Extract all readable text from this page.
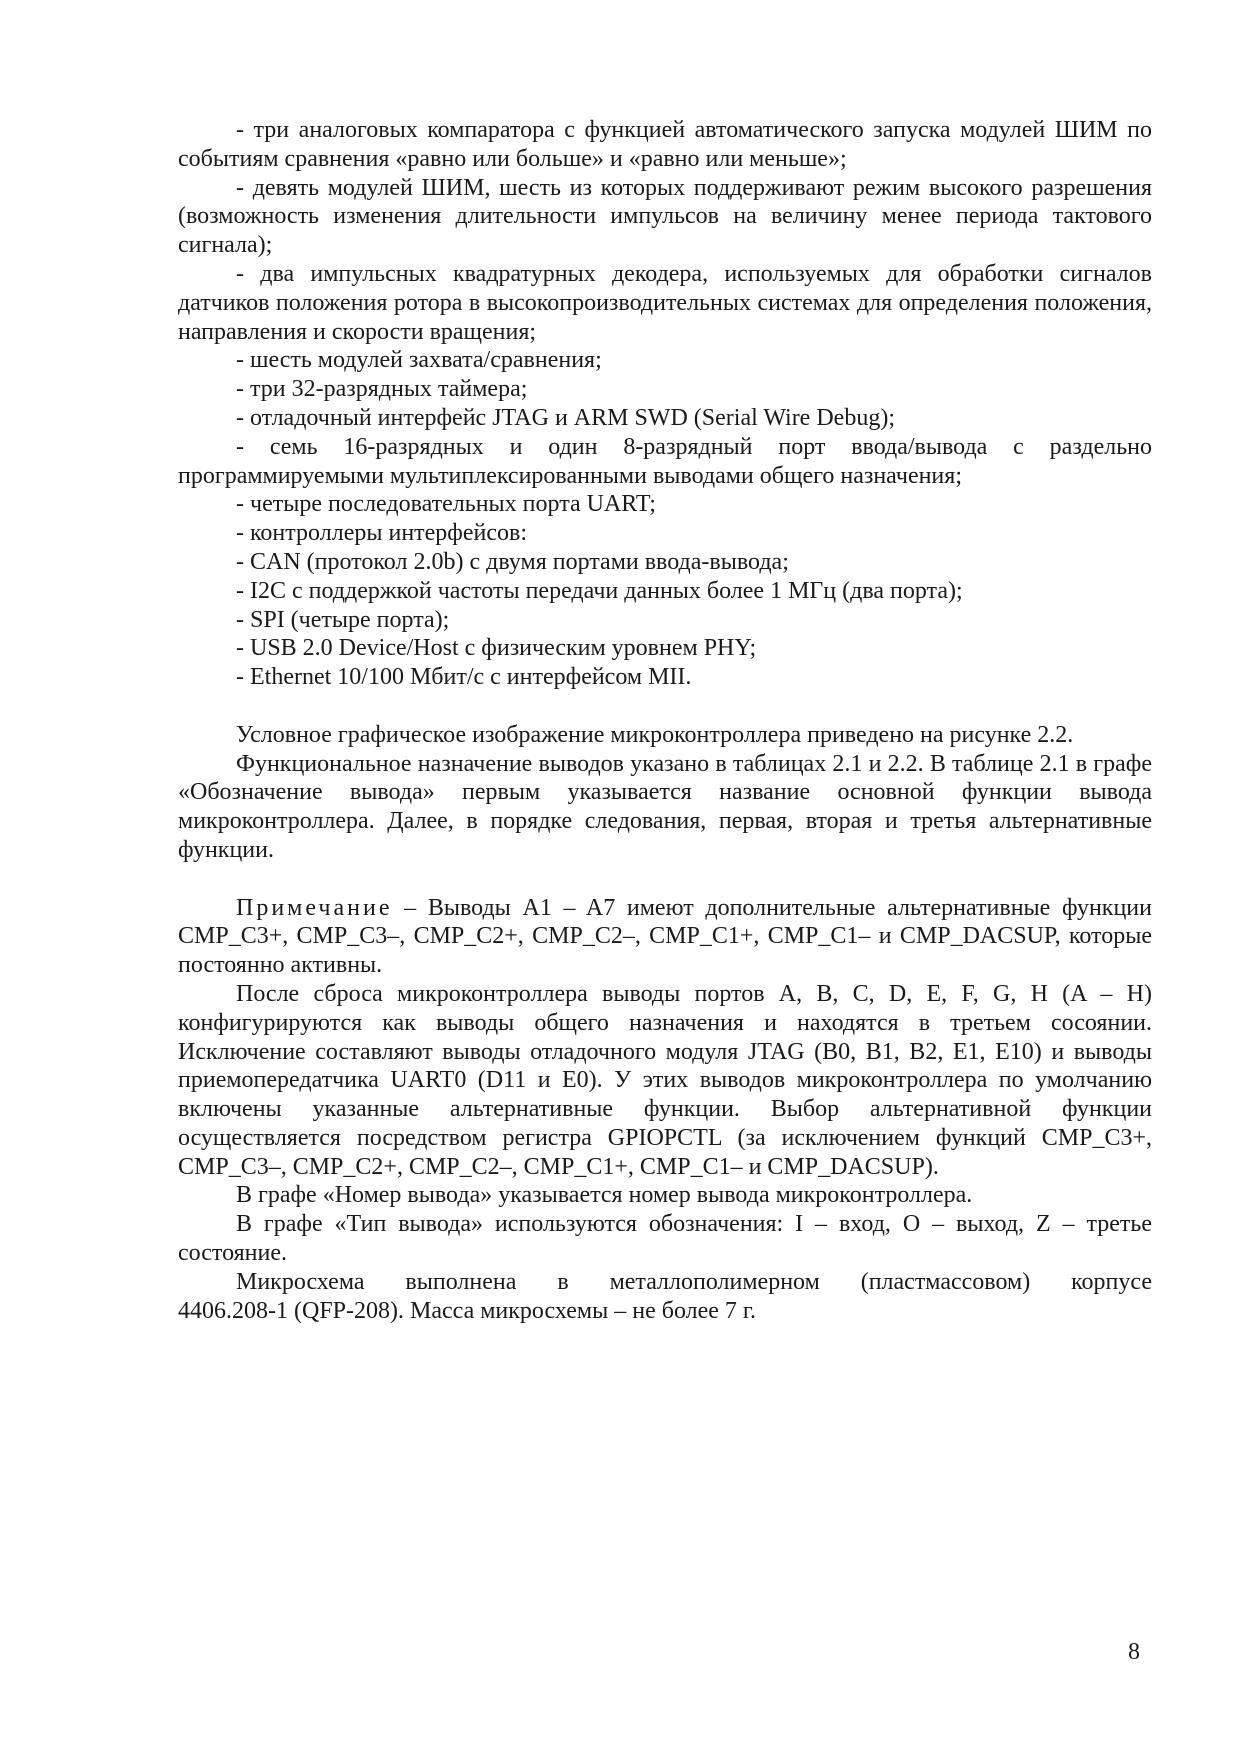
- три аналоговых компаратора с функцией автоматического запуска модулей ШИМ по событиям сравнения «равно или больше» и «равно или меньше»;

- девять модулей ШИМ, шесть из которых поддерживают режим высокого разрешения (возможность изменения длительности импульсов на величину менее периода тактового сигнала);

- два импульсных квадратурных декодера, используемых для обработки сигналов датчиков положения ротора в высокопроизводительных системах для определения положения, направления и скорости вращения;

- шесть модулей захвата/сравнения;

- три 32-разрядных таймера;

- отладочный интерфейс JTAG и ARM SWD (Serial Wire Debug);

- семь 16-разрядных и один 8-разрядный порт ввода/вывода с раздельно программируемыми мультиплексированными выводами общего назначения;

- четыре последовательных порта UART;

- контроллеры интерфейсов:

- CAN (протокол 2.0b) с двумя портами ввода-вывода;

- I2C с поддержкой частоты передачи данных более 1 МГц (два порта);

- SPI (четыре порта);

- USB 2.0 Device/Host с физическим уровнем PHY;

- Ethernet 10/100 Мбит/с с интерфейсом MII.

Условное графическое изображение микроконтроллера приведено на рисунке 2.2.

Функциональное назначение выводов указано в таблицах 2.1 и 2.2. В таблице 2.1 в графе «Обозначение вывода» первым указывается название основной функции вывода микроконтроллера. Далее, в порядке следования, первая, вторая и третья альтернативные функции.

Примечание – Выводы A1 – A7 имеют дополнительные альтернативные функции CMP_C3+, CMP_C3–, CMP_C2+, CMP_C2–, CMP_C1+, CMP_C1– и CMP_DACSUP, которые постоянно активны.

После сброса микроконтроллера выводы портов A, B, C, D, E, F, G, H (A – H) конфигурируются как выводы общего назначения и находятся в третьем сосоянии. Исключение составляют выводы отладочного модуля JTAG (B0, B1, B2, E1, E10) и выводы приемопередатчика UART0 (D11 и E0). У этих выводов микроконтроллера по умолчанию включены указанные альтернативные функции. Выбор альтернативной функции осуществляется посредством регистра GPIOPCTL (за исключением функций CMP_C3+, CMP_C3–, CMP_C2+, CMP_C2–, CMP_C1+, CMP_C1– и CMP_DACSUP).

В графе «Номер вывода» указывается номер вывода микроконтроллера.

В графе «Тип вывода» используются обозначения: I – вход, O – выход, Z – третье состояние.

Микросхема выполнена в металлополимерном (пластмассовом) корпусе

4406.208-1 (QFP-208). Масса микросхемы – не более 7 г.

8
